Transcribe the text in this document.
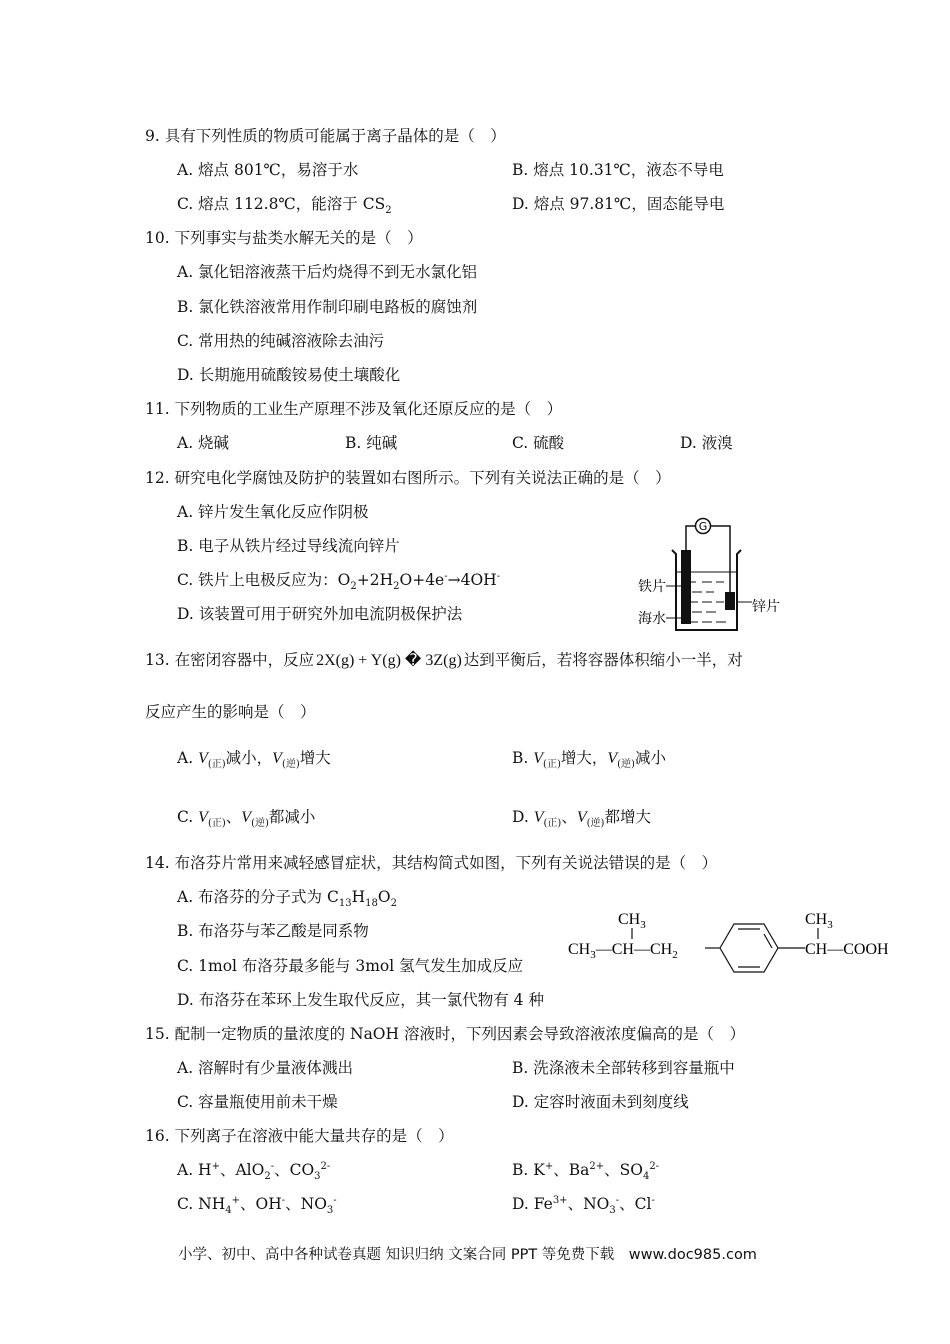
9. 具有下列性质的物质可能属于离子晶体的是（　）
A. 熔点 801℃，易溶于水	B. 熔点 10.31℃，液态不导电
C. 熔点 112.8℃，能溶于 $CS_2$	D. 熔点 97.81℃，固态能导电
10. 下列事实与盐类水解无关的是（　）
A. 氯化铝溶液蒸干后灼烧得不到无水氯化铝
B. 氯化铁溶液常用作制印刷电路板的腐蚀剂
C. 常用热的纯碱溶液除去油污
D. 长期施用硫酸铵易使土壤酸化
11. 下列物质的工业生产原理不涉及氧化还原反应的是（　）
A. 烧碱	B. 纯碱	C. 硫酸	D. 液溴
12. 研究电化学腐蚀及防护的装置如右图所示。下列有关说法正确的是（　）
A. 锌片发生氧化反应作阴极
B. 电子从铁片经过导线流向锌片
C. 铁片上电极反应为：$O_2+2H_2O+4e^-\to 4OH^-$
D. 该装置可用于研究外加电流阴极保护法
G
铁片
海水
锌片
13. 在密闭容器中，反应 2X(g) + Y(g) � 3Z(g) 达到平衡后，若将容器体积缩小一半，对
反应产生的影响是（　）
A. $V_{(正)}$减小，$V_{(逆)}$增大	B. $V_{(正)}$增大，$V_{(逆)}$减小
C. $V_{(正)}$、$V_{(逆)}$都减小	D. $V_{(正)}$、$V_{(逆)}$都增大
14. 布洛芬片常用来减轻感冒症状，其结构简式如图，下列有关说法错误的是（　）
A. 布洛芬的分子式为 $C_{13}H_{18}O_2$
B. 布洛芬与苯乙酸是同系物
C. 1mol 布洛芬最多能与 3mol 氢气发生加成反应
D. 布洛芬在苯环上发生取代反应，其一氯代物有 4 种
$CH_3$
$CH_3—CH—CH_2$
$CH_3$
CH—COOH
15. 配制一定物质的量浓度的 NaOH 溶液时，下列因素会导致溶液浓度偏高的是（　）
A. 溶解时有少量液体溅出	B. 洗涤液未全部转移到容量瓶中
C. 容量瓶使用前未干燥	D. 定容时液面未到刻度线
16. 下列离子在溶液中能大量共存的是（　）
A. H+、AlO$_2$-、$CO_3^{2-}$	B. K+、$Ba^{2+}$、$SO_4^{2-}$
C. $NH_4^+$、OH-、$NO_3^-$	D. $Fe^{3+}$、$NO_3^-$、Cl-
小学、初中、高中各种试卷真题 知识归纳 文案合同 PPT 等免费下载　www.doc985.com
